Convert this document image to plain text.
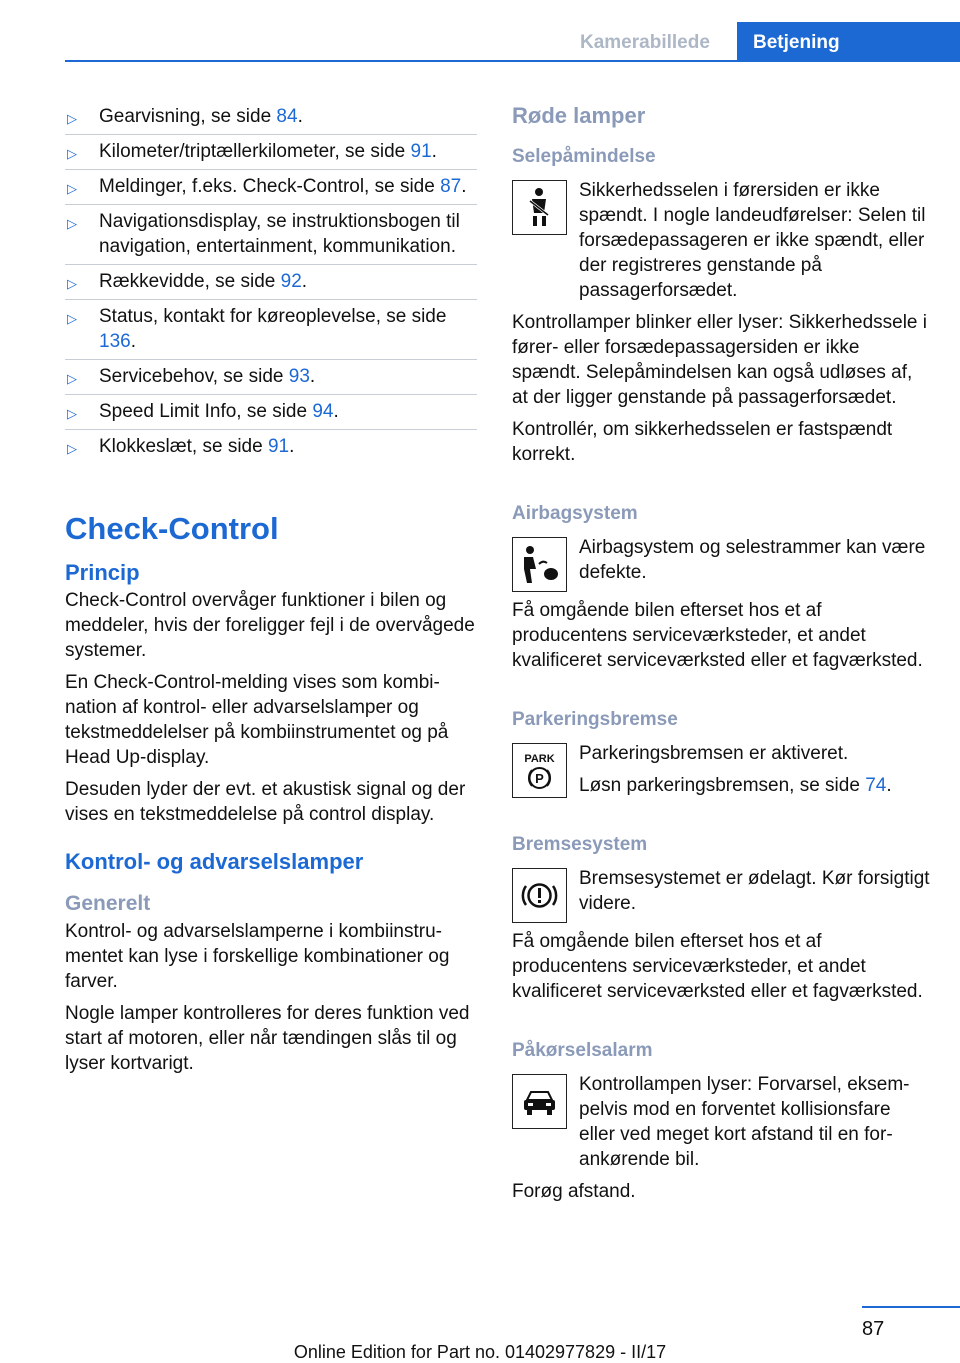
Kamerabillede	Betjening
▷ Gearvisning, se side 84.
▷ Kilometer/triptællerkilometer, se side 91.
▷ Meldinger, f.eks. Check-Control, se side 87.
▷ Navigationsdisplay, se instruktionsbogen til navigation, entertainment, kommunikation.
▷ Rækkevidde, se side 92.
▷ Status, kontakt for køreoplevelse, se side 136.
▷ Servicebehov, se side 93.
▷ Speed Limit Info, se side 94.
▷ Klokkeslæt, se side 91.
Check-Control
Princip

Check-Control overvåger funktioner i bilen og meddeler, hvis der foreligger fejl i de overvågede systemer.

En Check-Control-melding vises som kombination af kontrol- eller advarselslamper og tekstmeddelelser på kombiinstrumentet og på Head Up-display.

Desuden lyder der evt. et akustisk signal og der vises en tekstmeddelelse på control display.

Kontrol- og advarselslamper
Generelt

Kontrol- og advarselslamperne i kombiinstrumentet kan lyse i forskellige kombinationer og farver.

Nogle lamper kontrolleres for deres funktion ved start af motoren, eller når tændingen slås til og lyser kortvarigt.

Røde lamper
Selepåmindelse

Sikkerhedsselen i førersiden er ikke spændt. I nogle landeudførelser: Selen til forsædepassageren er ikke spændt, eller der registreres genstande på passagerforsædet.

Kontrollamper blinker eller lyser: Sikkerhedssele i fører- eller forsædepassagersiden er ikke spændt. Selepåmindelsen kan også udløses af, at der ligger genstande på passagerforsædet.

Kontrollér, om sikkerhedsselen er fastspændt korrekt.

Airbagsystem

Airbagsystem og selestrammer kan være defekte.

Få omgående bilen efterset hos et af producentens serviceværksteder, et andet kvalificeret serviceværksted eller et fagværksted.

Parkeringsbremse
PARK
P

Parkeringsbremsen er aktiveret.

Løsn parkeringsbremsen, se side 74.

Bremsesystem

Bremsesystemet er ødelagt. Kør forsigtigt videre.

Få omgående bilen efterset hos et af producentens serviceværksteder, et andet kvalificeret serviceværksted eller et fagværksted.

Påkørselsalarm

Kontrollampen lyser: Forvarsel, eksempelvis mod en forventet kollisionsfare eller ved meget kort afstand til en forankørende bil.

Forøg afstand.

87
Online Edition for Part no. 01402977829 - II/17
